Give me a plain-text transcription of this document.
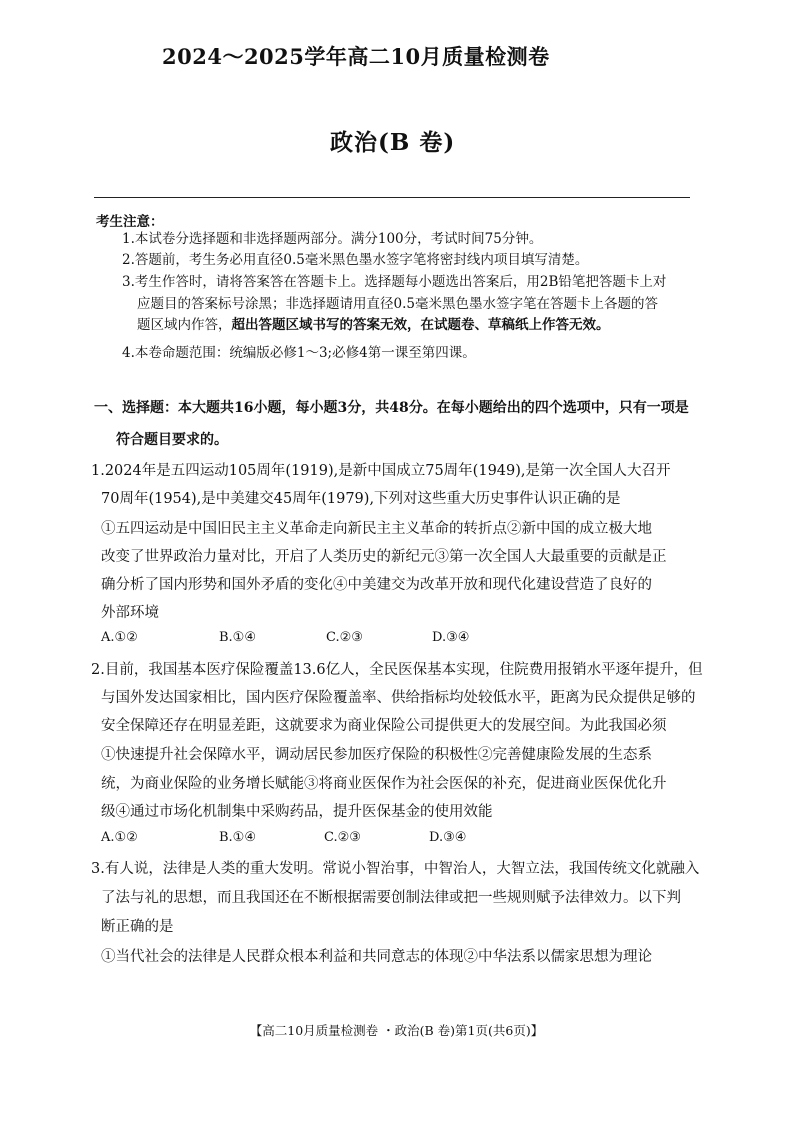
2024～2025学年高二10月质量检测卷
政治(B 卷)
考生注意：
1.本试卷分选择题和非选择题两部分。满分100分，考试时间75分钟。
2.答题前，考生务必用直径0.5毫米黑色墨水签字笔将密封线内项目填写清楚。
3.考生作答时，请将答案答在答题卡上。选择题每小题选出答案后，用2B铅笔把答题卡上对
应题目的答案标号涂黑；非选择题请用直径0.5毫米黑色墨水签字笔在答题卡上各题的答
题区域内作答，超出答题区域书写的答案无效，在试题卷、草稿纸上作答无效。
4.本卷命题范围：统编版必修1～3;必修4第一课至第四课。
一、选择题：本大题共16小题，每小题3分，共48分。在每小题给出的四个选项中，只有一项是
符合题目要求的。
1.2024年是五四运动105周年(1919),是新中国成立75周年(1949),是第一次全国人大召开
70周年(1954),是中美建交45周年(1979),下列对这些重大历史事件认识正确的是
①五四运动是中国旧民主主义革命走向新民主主义革命的转折点②新中国的成立极大地
改变了世界政治力量对比，开启了人类历史的新纪元③第一次全国人大最重要的贡献是正
确分析了国内形势和国外矛盾的变化④中美建交为改革开放和现代化建设营造了良好的
外部环境
A.①②	B.①④	C.②③	D.③④
2.目前，我国基本医疗保险覆盖13.6亿人，全民医保基本实现，住院费用报销水平逐年提升，但
与国外发达国家相比，国内医疗保险覆盖率、供给指标均处较低水平，距离为民众提供足够的
安全保障还存在明显差距，这就要求为商业保险公司提供更大的发展空间。为此我国必须
①快速提升社会保障水平，调动居民参加医疗保险的积极性②完善健康险发展的生态系
统，为商业保险的业务增长赋能③将商业医保作为社会医保的补充，促进商业医保优化升
级④通过市场化机制集中采购药品，提升医保基金的使用效能
A.①②	B.①④	C.②③	D.③④
3.有人说，法律是人类的重大发明。常说小智治事，中智治人，大智立法，我国传统文化就融入
了法与礼的思想，而且我国还在不断根据需要创制法律或把一些规则赋予法律效力。以下判
断正确的是
①当代社会的法律是人民群众根本利益和共同意志的体现②中华法系以儒家思想为理论
【高二10月质量检测卷 ・政治(B 卷)第1页(共6页)】
